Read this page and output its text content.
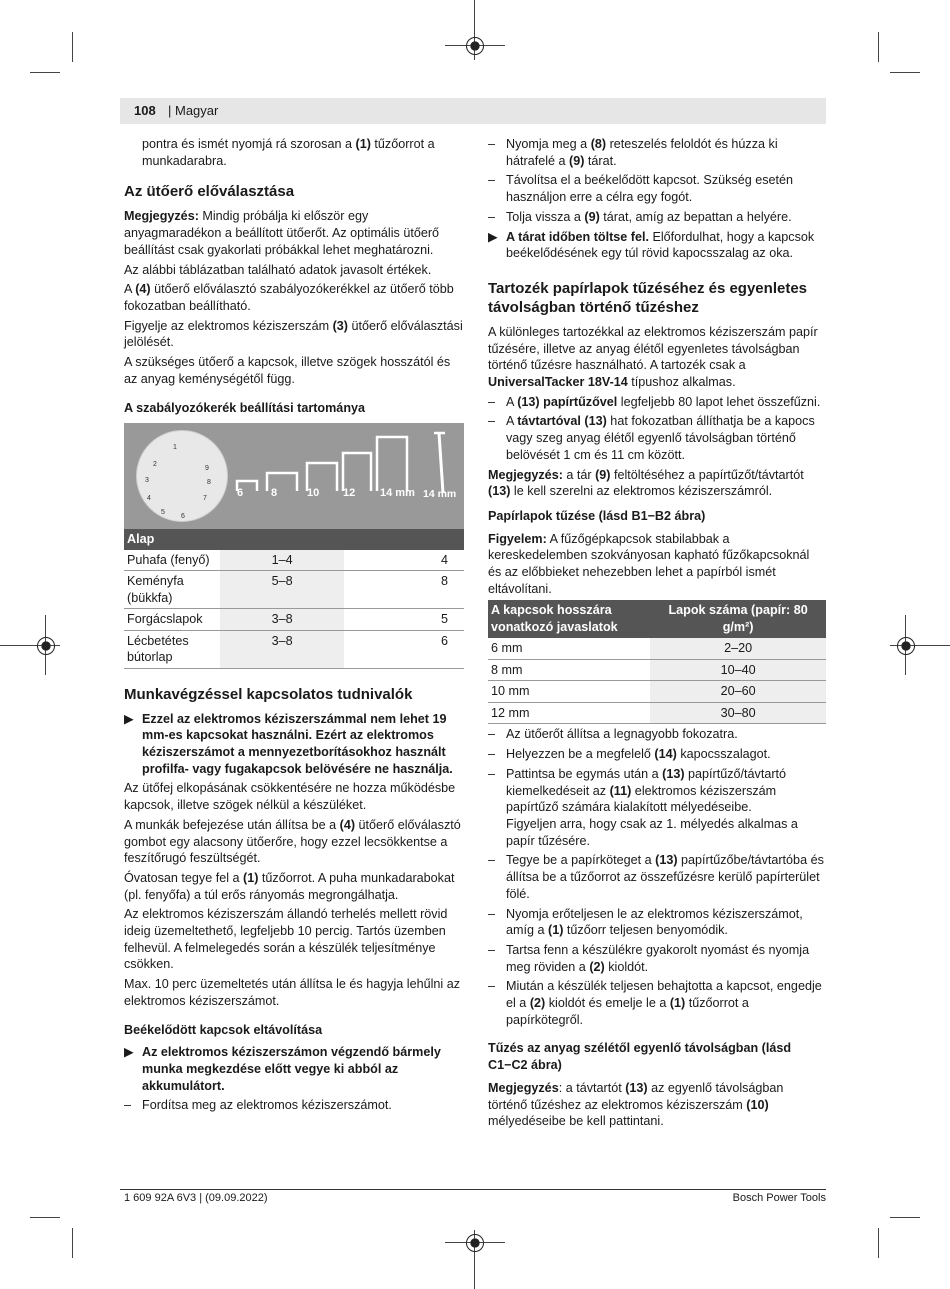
108 | Magyar

pontra és ismét nyomjá rá szorosan a (1) tűzőorrot a munkadarabra.

Az ütőerő előválasztása

Megjegyzés: Mindig próbálja ki először egy anyagmaradékon a beállított ütőerőt. Az optimális ütőerő beállítást csak gyakorlati próbákkal lehet meghatározni.

Az alábbi táblázatban található adatok javasolt értékek.

A (4) ütőerő előválasztó szabályozókerékkel az ütőerő több fokozatban beállítható.

Figyelje az elektromos kéziszerszám (3) ütőerő előválasztási jelölését.

A szükséges ütőerő a kapcsok, illetve szögek hosszától és az anyag keménységétől függ.

A szabályozókerék beállítási tartománya
1
2
3
4
5
6
7
8
9
6	8	10 12 14 mm 14 mm
Alap		
Puhafa (fenyő)	1–4	4
Keményfa (bükkfa)	5–8	8
Forgácslapok	3–8	5
Lécbetétes bútorlap	3–8	6
Munkavégzéssel kapcsolatos tudnivalók
▶ Ezzel az elektromos kéziszerszámmal nem lehet 19 mm-es kapcsokat használni. Ezért az elektromos kéziszerszámot a mennyezetborításokhoz használt profilfa- vagy fugakapcsok belövésére ne használja.

Az ütőfej elkopásának csökkentésére ne hozza működésbe kapcsok, illetve szögek nélkül a készüléket.

A munkák befejezése után állítsa be a (4) ütőerő előválasztó gombot egy alacsony ütőerőre, hogy ezzel lecsökkentse a feszítőrugó feszültségét.

Óvatosan tegye fel a (1) tűzőorrot. A puha munkadarabokat (pl. fenyőfa) a túl erős rányomás megrongálhatja.

Az elektromos kéziszerszám állandó terhelés mellett rövid ideig üzemeltethető, legfeljebb 10 percig. Tartós üzemben felhevül. A felmelegedés során a készülék teljesítménye csökken.

Max. 10 perc üzemeltetés után állítsa le és hagyja lehűlni az elektromos kéziszerszámot.

Beékelődött kapcsok eltávolítása
▶ Az elektromos kéziszerszámon végzendő bármely munka megkezdése előtt vegye ki abból az akkumulátort.
– Fordítsa meg az elektromos kéziszerszámot.
– Nyomja meg a (8) reteszelés feloldót és húzza ki hátrafelé a (9) tárat.
– Távolítsa el a beékelődött kapcsot. Szükség esetén használjon erre a célra egy fogót.
– Tolja vissza a (9) tárat, amíg az bepattan a helyére.
▶ A tárat időben töltse fel. Előfordulhat, hogy a kapcsok beékelődésének egy túl rövid kapocsszalag az oka.
Tartozék papírlapok tűzéséhez és egyenletes távolságban történő tűzéshez

A különleges tartozékkal az elektromos kéziszerszám papír tűzésére, illetve az anyag élétől egyenletes távolságban történő tűzésre használható. A tartozék csak a UniversalTacker 18V-14 típushoz alkalmas.

– A (13) papírtűzővel legfeljebb 80 lapot lehet összefűzni.
– A távtartóval (13) hat fokozatban állíthatja be a kapocs vagy szeg anyag élétől egyenlő távolságban történő belövését 1 cm és 11 cm között.

Megjegyzés: a tár (9) feltöltéséhez a papírtűzőt/távtartót (13) le kell szerelni az elektromos kéziszerszámról.

Papírlapok tűzése (lásd B1−B2 ábra)

Figyelem: A fűzőgépkapcsok stabilabbak a kereskedelemben szokványosan kapható fűzőkapcsoknál és az előbbieket nehezebben lehet a papírból ismét eltávolítani.

A kapcsok hosszára vonatkozó javaslatok	Lapok száma (papír: 80 g/m²)
6 mm	2–20
8 mm	10–40
10 mm	20–60
12 mm	30–80
– Az ütőerőt állítsa a legnagyobb fokozatra.
– Helyezzen be a megfelelő (14) kapocsszalagot.
– Pattintsa be egymás után a (13) papírtűző/távtartó kiemelkedéseit az (11) elektromos kéziszerszám papírtűző számára kialakított mélyedéseibe.
Figyeljen arra, hogy csak az 1. mélyedés alkalmas a papír tűzésére.
– Tegye be a papírköteget a (13) papírtűzőbe/távtartóba és állítsa be a tűzőorrot az összefűzésre kerülő papírterület fölé.
– Nyomja erőteljesen le az elektromos kéziszerszámot, amíg a (1) tűzőorr teljesen benyomódik.
– Tartsa fenn a készülékre gyakorolt nyomást és nyomja meg röviden a (2) kioldót.
– Miután a készülék teljesen behajtotta a kapcsot, engedje el a (2) kioldót és emelje le a (1) tűzőorrot a papírkötegről.
Tűzés az anyag szélétől egyenlő távolságban (lásd C1−C2 ábra)

Megjegyzés: a távtartót (13) az egyenlő távolságban történő tűzéshez az elektromos kéziszerszám (10) mélyedéseibe be kell pattintani.

1 609 92A 6V3 | (09.09.2022)	Bosch Power Tools
